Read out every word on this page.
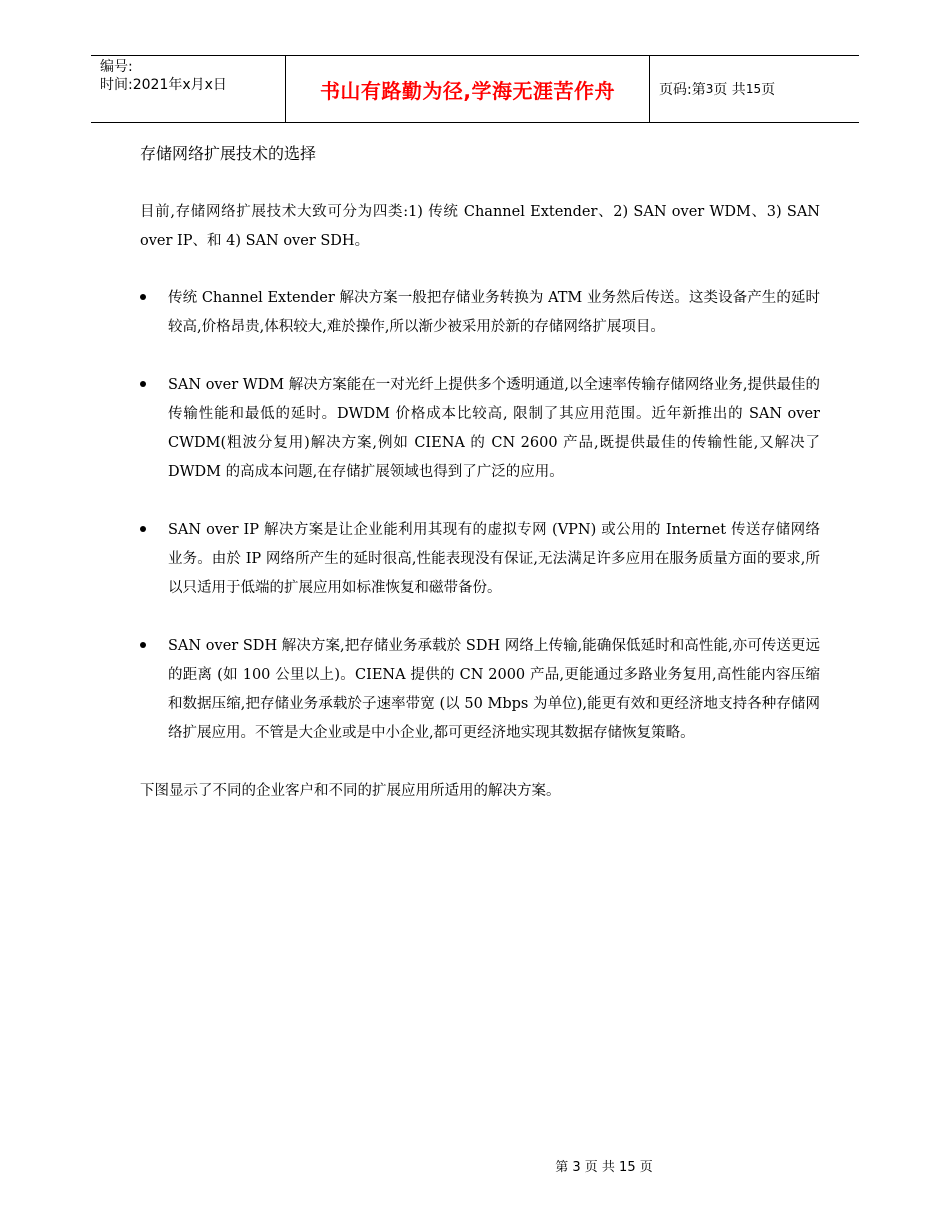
编号:
时间:2021年x月x日	书山有路勤为径,学海无涯苦作舟	页码:第 3 页 共 15 页
存储网络扩展技术的选择

目前,存储网络扩展技术大致可分为四类:1) 传统 Channel Extender、2) SAN over WDM、3) SAN over IP、和 4) SAN over SDH。

传统 Channel Extender 解决方案一般把存储业务转换为 ATM 业务然后传送。这类设备产生的延时较高,价格昂贵,体积较大,难於操作,所以渐少被采用於新的存储网络扩展项目。

SAN over WDM 解决方案能在一对光纤上提供多个透明通道,以全速率传输存储网络业务,提供最佳的传输性能和最低的延时。DWDM 价格成本比较高, 限制了其应用范围。近年新推出的 SAN over CWDM(粗波分复用)解决方案,例如 CIENA 的 CN 2600 产品,既提供最佳的传输性能,又解决了 DWDM 的高成本问题,在存储扩展领域也得到了广泛的应用。

SAN over IP 解决方案是让企业能利用其现有的虚拟专网 (VPN) 或公用的 Internet 传送存储网络业务。由於 IP 网络所产生的延时很高,性能表现没有保证,无法满足许多应用在服务质量方面的要求,所以只适用于低端的扩展应用如标准恢复和磁带备份。

SAN over SDH 解决方案,把存储业务承载於 SDH 网络上传输,能确保低延时和高性能,亦可传送更远的距离 (如 100 公里以上)。CIENA 提供的 CN 2000 产品,更能通过多路业务复用,高性能内容压缩和数据压缩,把存储业务承载於子速率带宽 (以 50 Mbps 为单位),能更有效和更经济地支持各种存储网络扩展应用。不管是大企业或是中小企业,都可更经济地实现其数据存储恢复策略。

下图显示了不同的企业客户和不同的扩展应用所适用的解决方案。

第 3 页 共 15 页
